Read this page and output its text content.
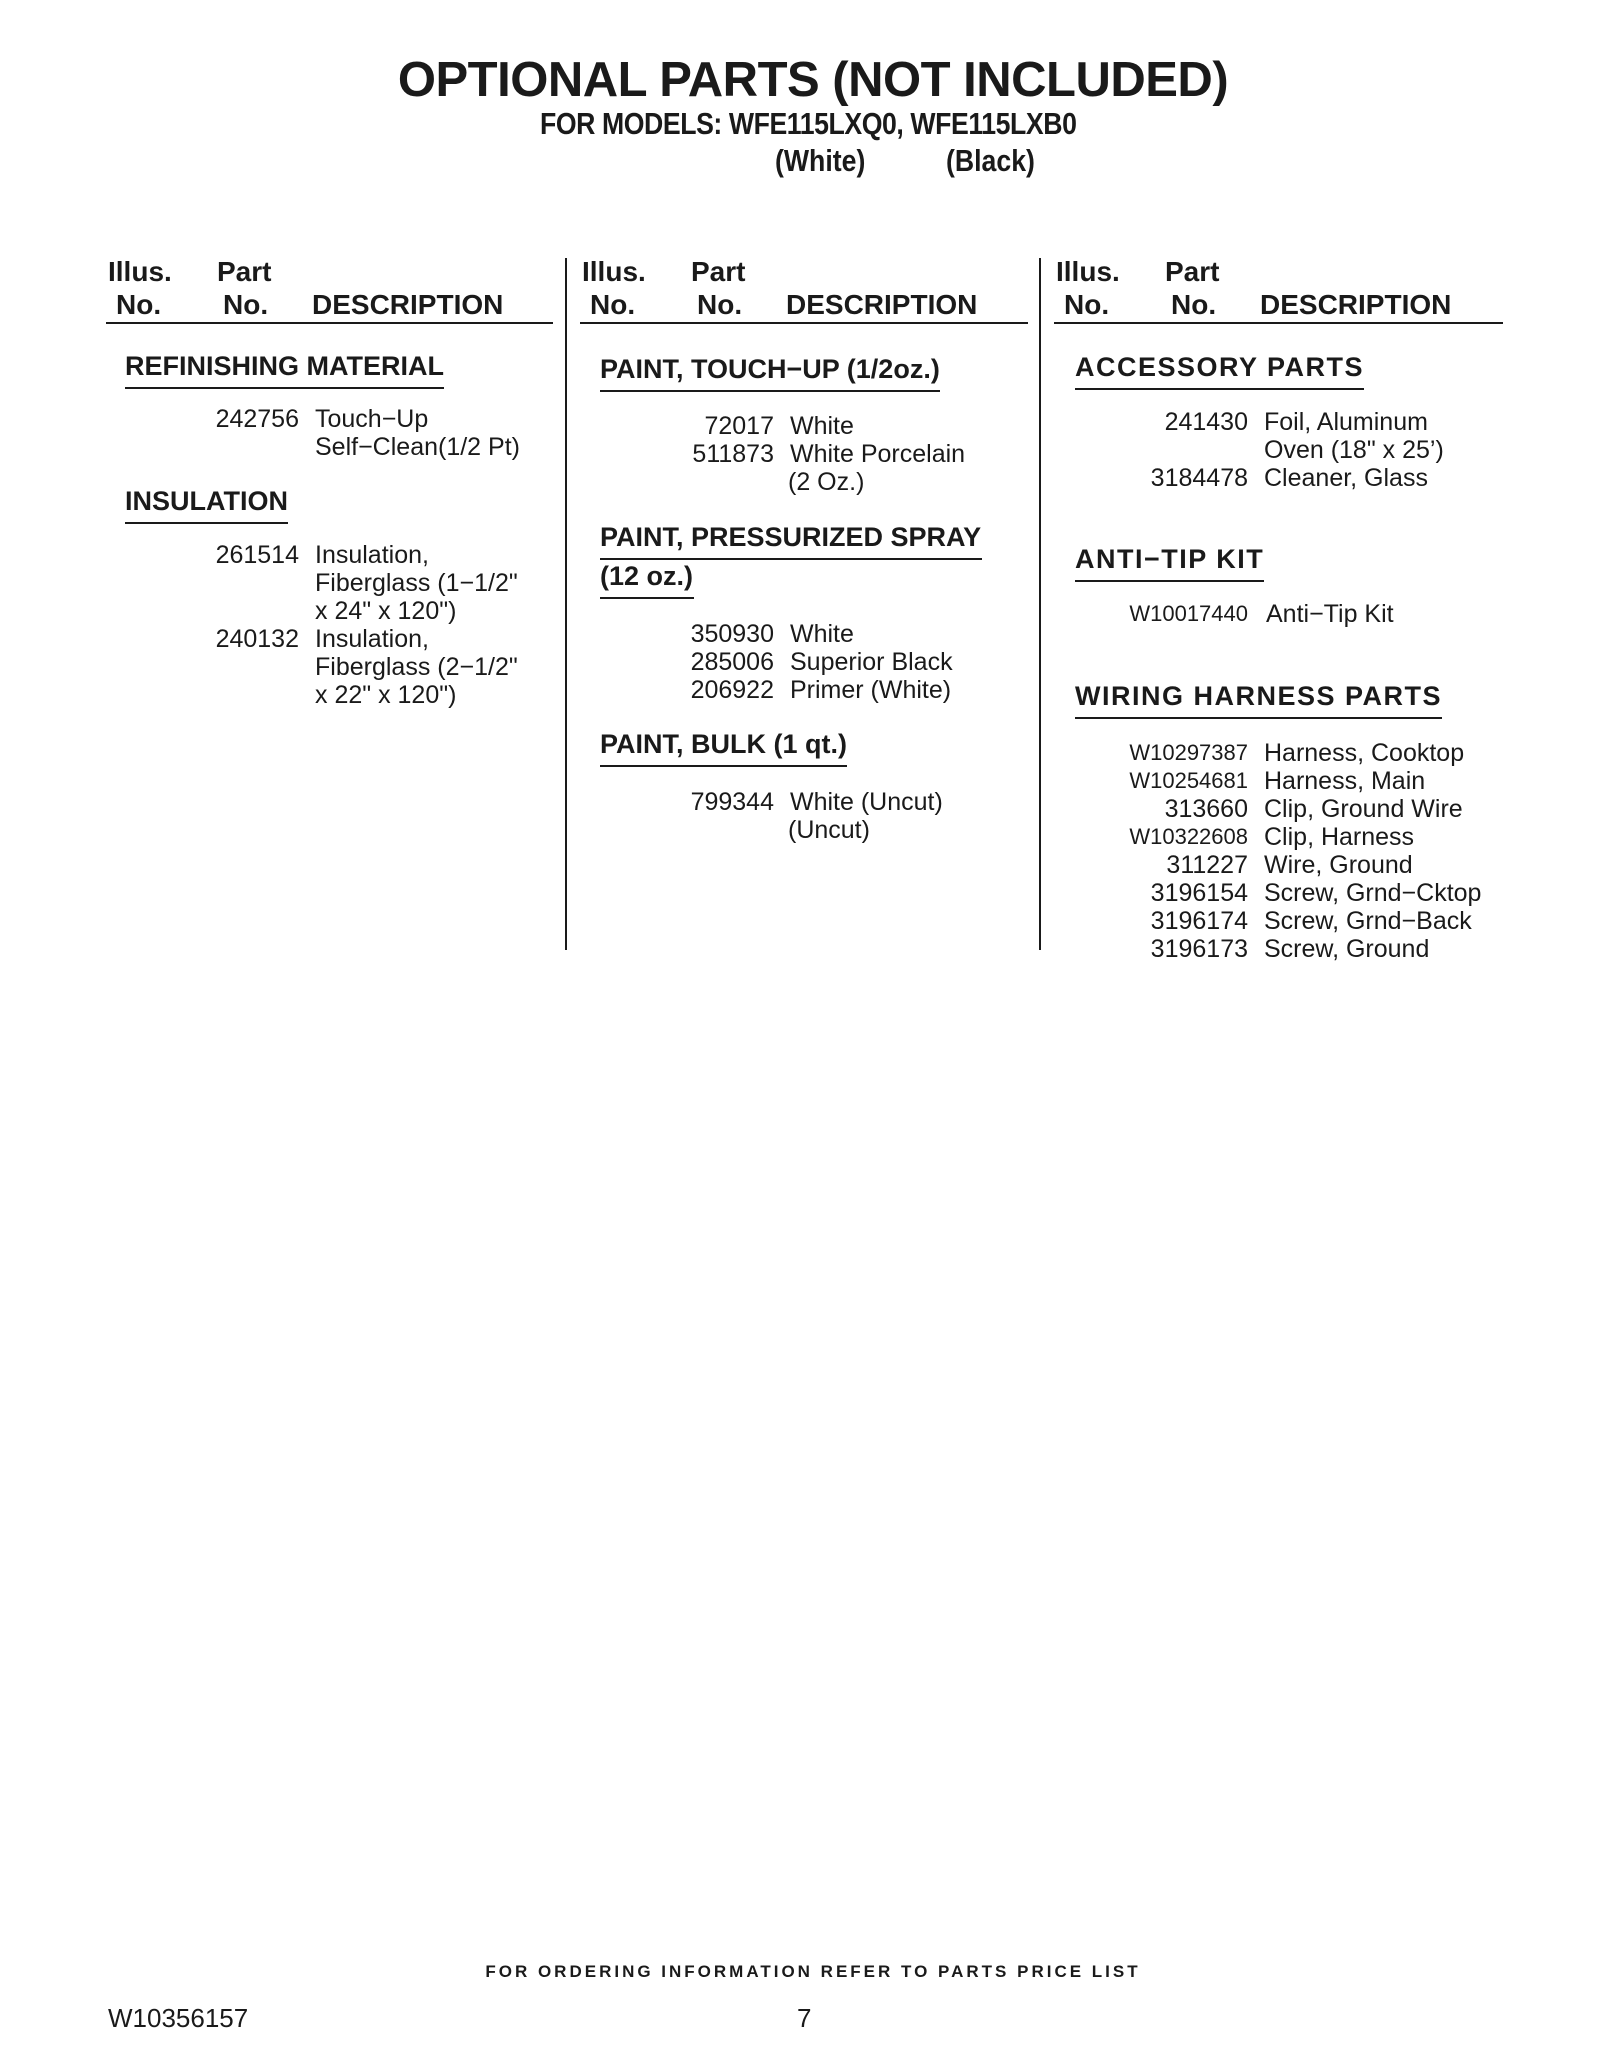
OPTIONAL PARTS (NOT INCLUDED)
FOR MODELS: WFE115LXQ0, WFE115LXB0
(White)	(Black)
Illus.
No.
Part
No. DESCRIPTION
REFINISHING MATERIAL
242756 Touch−Up
Self−Clean(1/2 Pt)
INSULATION
261514 Insulation,
Fiberglass (1−1/2"
x 24" x 120")
240132 Insulation,
Fiberglass (2−1/2"
x 22" x 120")
Illus.
No.
Part
No. DESCRIPTION
PAINT, TOUCH−UP (1/2oz.)
72017 White
511873 White Porcelain
(2 Oz.)
PAINT, PRESSURIZED SPRAY
(12 oz.)
350930 White
285006 Superior Black
206922 Primer (White)
PAINT, BULK (1 qt.)
799344 White (Uncut)
(Uncut)
Illus.
No.
Part
No. DESCRIPTION
ACCESSORY PARTS
241430 Foil, Aluminum
Oven (18" x 25’)
3184478 Cleaner, Glass
ANTI−TIP KIT
W10017440 Anti−Tip Kit
WIRING HARNESS PARTS
W10297387 Harness, Cooktop
W10254681 Harness, Main
313660 Clip, Ground Wire
W10322608 Clip, Harness
311227 Wire, Ground
3196154 Screw, Grnd−Cktop
3196174 Screw, Grnd−Back
3196173 Screw, Ground
FOR ORDERING INFORMATION REFER TO PARTS PRICE LIST
W10356157	7
